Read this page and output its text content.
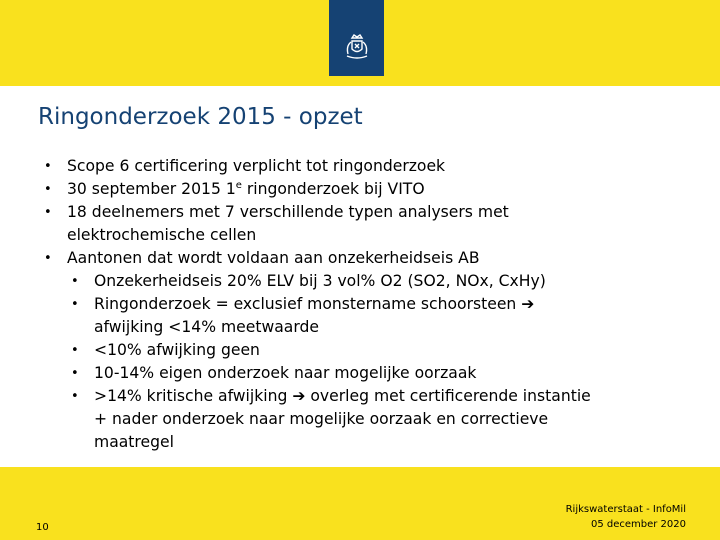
Ringonderzoek 2015 - opzet
• Scope 6 certificering verplicht tot ringonderzoek
• 30 september 2015 1e ringonderzoek bij VITO
• 18 deelnemers met 7 verschillende typen analysers met
elektrochemische cellen
• Aantonen dat wordt voldaan aan onzekerheidseis AB
• Onzekerheidseis 20% ELV bij 3 vol% O2 (SO2, NOx, CxHy)
• Ringonderzoek = exclusief monstername schoorsteen ➔
afwijking <14% meetwaarde
• <10% afwijking geen
• 10-14% eigen onderzoek naar mogelijke oorzaak
• >14% kritische afwijking ➔ overleg met certificerende instantie
+ nader onderzoek naar mogelijke oorzaak en correctieve
maatregel
10
Rijkswaterstaat - InfoMil
05 december 2020
